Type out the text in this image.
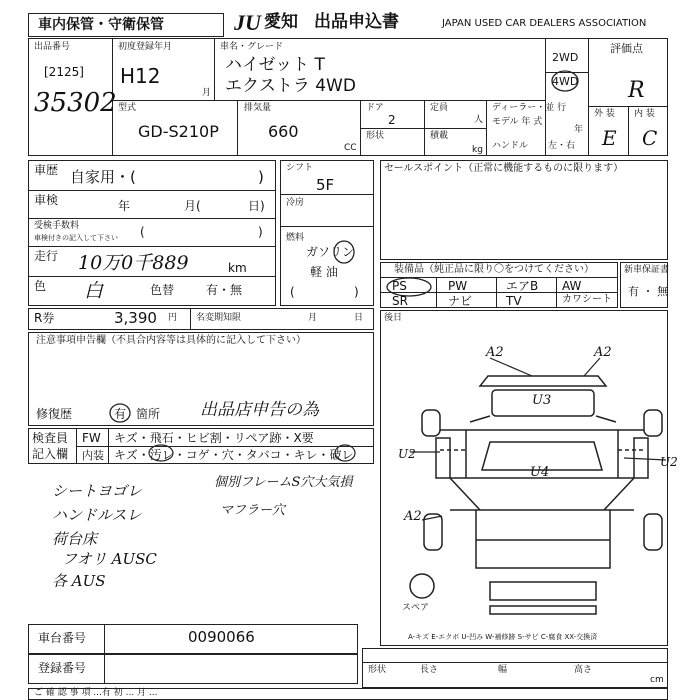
車内保管・守衛保管	JU 愛知 出品申込書	JAPAN USED CAR DEALERS ASSOCIATION
出品番号
[2125]
35302
初度登録年月
H12
月
車名・グレード
ハイゼット T
エクストラ 4WD
2WD
4WD
評価点
R
外 装 内 装
E C
型式
GD-S210P
排気量
660
CC
ドア
2
形状
定員
人
積載
kg
ディーラー・並 行
モデル 年 式
年
ハンドル 左・右
車歴 自家用・(	)
車検	年	月(	日)
受検手数料
車検付きの記入して下さい (	)
走行 10万0千889	km
色 白	色替	有・無
シフト
5F
冷房
燃料
ガソリン
軽 油
(	)
セールスポイント（正常に機能するものに限ります）
装備品（純正品に限り〇をつけてください）	新車保証書
有 ・ 無
R券	3,390 円 名変期知限	月	日 後日
注意事項申告欄（不具合内容等は具体的に記入して下さい）
修復歴	有 箇所 出品店申告の為
検査員
記入欄
FW キズ・飛石・ヒビ割・リペア跡・X要
内装 キズ・汚レ・コゲ・穴・タバコ・キレ・破レ
A2	A2
U3
U4
U2
U2
A2
スペア
A-キズ E-エクボ U-凹み W-補修跡 S-サビ C-腐食 XX-交換済
車台番号	0090066
登録番号	形状	長さ	幅	高さ
cm
ご 確 認 事 項 ...有 初 ... 月 ...
PS	PW	エアB AW
SR	ナビ	TV	カワシート
シートヨゴレ
ハンドルスレ
荷台床
フオリ AUSC
各 AUS
個別フレームS穴大気損
マフラー穴
